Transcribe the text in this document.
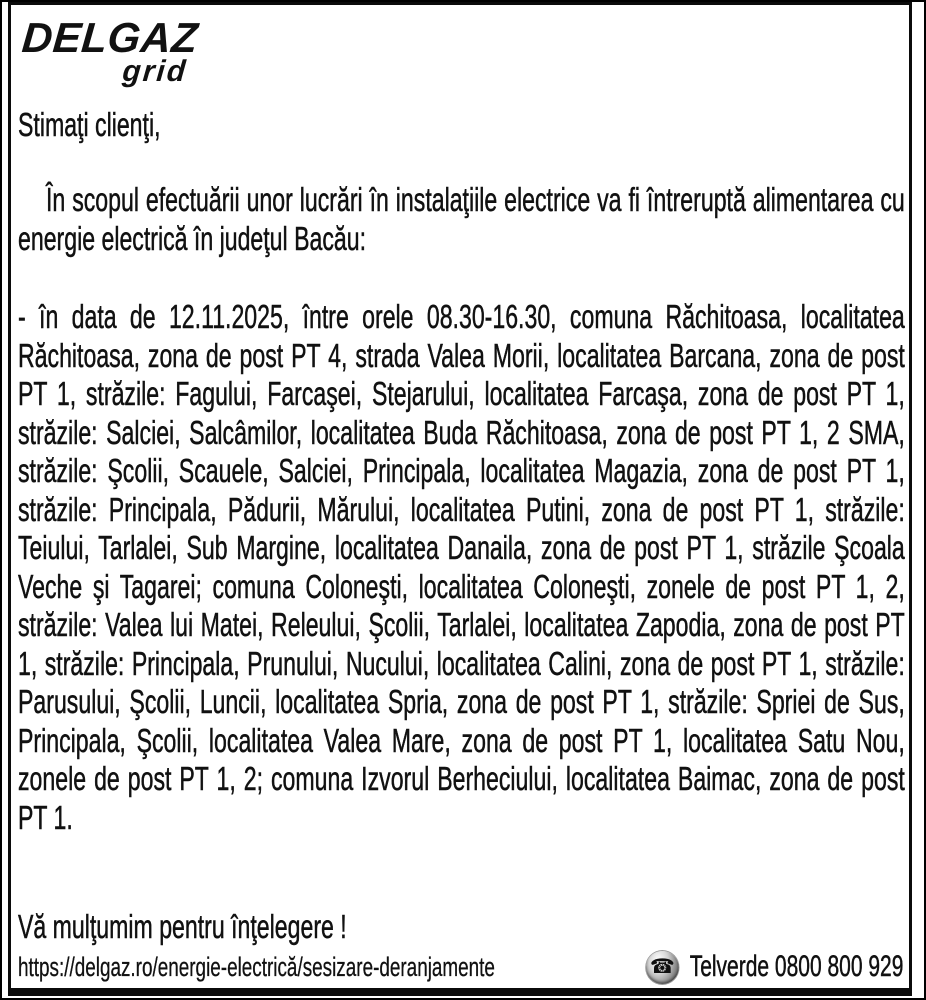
DELGAZ
grid

Stimaţi clienţi,

În scopul efectuării unor lucrări în instalaţiile electrice va fi întreruptă alimentarea cu energie electrică în judeţul Bacău:

- în data de 12.11.2025, între orele 08.30-16.30, comuna Răchitoasa, localitatea Răchitoasa, zona de post PT 4, strada Valea Morii, localitatea Barcana, zona de post PT 1, străzile: Fagului, Farcaşei, Stejarului, localitatea Farcaşa, zona de post PT 1, străzile: Salciei, Salcâmilor, localitatea Buda Răchitoasa, zona de post PT 1, 2 SMA, străzile: Şcolii, Scauele, Salciei, Principala, localitatea Magazia, zona de post PT 1, străzile: Principala, Pădurii, Mărului, localitatea Putini, zona de post PT 1, străzile: Teiului, Tarlalei, Sub Margine, localitatea Danaila, zona de post PT 1, străzile Şcoala Veche şi Tagarei; comuna Coloneşti, localitatea Coloneşti, zonele de post PT 1, 2, străzile: Valea lui Matei, Releului, Şcolii, Tarlalei, localitatea Zapodia, zona de post PT 1, străzile: Principala, Prunului, Nucului, localitatea Calini, zona de post PT 1, străzile: Parusului, Şcolii, Luncii, localitatea Spria, zona de post PT 1, străzile: Spriei de Sus, Principala, Şcolii, localitatea Valea Mare, zona de post PT 1, localitatea Satu Nou, zonele de post PT 1, 2; comuna Izvorul Berheciului, localitatea Baimac, zona de post PT 1.

Vă mulţumim pentru înţelegere !

https://delgaz.ro/energie-electrică/sesizare-deranjamente	☎ Telverde 0800 800 929
